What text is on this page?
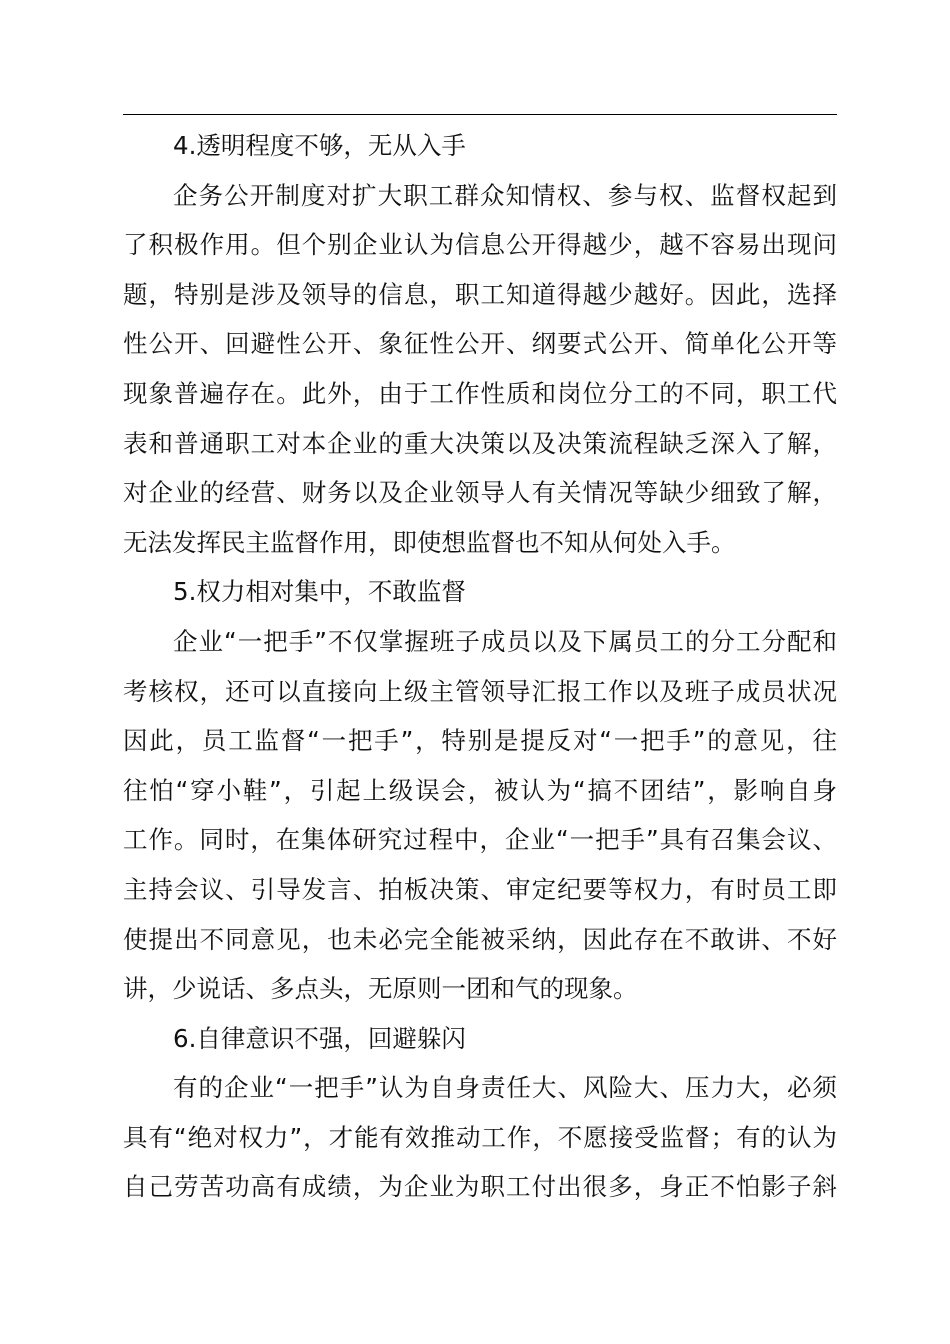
4.透明程度不够，无从入手
企务公开制度对扩大职工群众知情权、参与权、监督权起到
了积极作用。但个别企业认为信息公开得越少，越不容易出现问
题，特别是涉及领导的信息，职工知道得越少越好。因此，选择
性公开、回避性公开、象征性公开、纲要式公开、简单化公开等
现象普遍存在。此外，由于工作性质和岗位分工的不同，职工代
表和普通职工对本企业的重大决策以及决策流程缺乏深入了解，
对企业的经营、财务以及企业领导人有关情况等缺少细致了解，
无法发挥民主监督作用，即使想监督也不知从何处入手。
5.权力相对集中，不敢监督
企业“一把手”不仅掌握班子成员以及下属员工的分工分配和
考核权，还可以直接向上级主管领导汇报工作以及班子成员状况
因此，员工监督“一把手”，特别是提反对“一把手”的意见，往
往怕“穿小鞋”，引起上级误会，被认为“搞不团结”，影响自身
工作。同时，在集体研究过程中，企业“一把手”具有召集会议、
主持会议、引导发言、拍板决策、审定纪要等权力，有时员工即
使提出不同意见，也未必完全能被采纳，因此存在不敢讲、不好
讲，少说话、多点头，无原则一团和气的现象。
6.自律意识不强，回避躲闪
有的企业“一把手”认为自身责任大、风险大、压力大，必须
具有“绝对权力”，才能有效推动工作，不愿接受监督；有的认为
自己劳苦功高有成绩，为企业为职工付出很多，身正不怕影子斜
